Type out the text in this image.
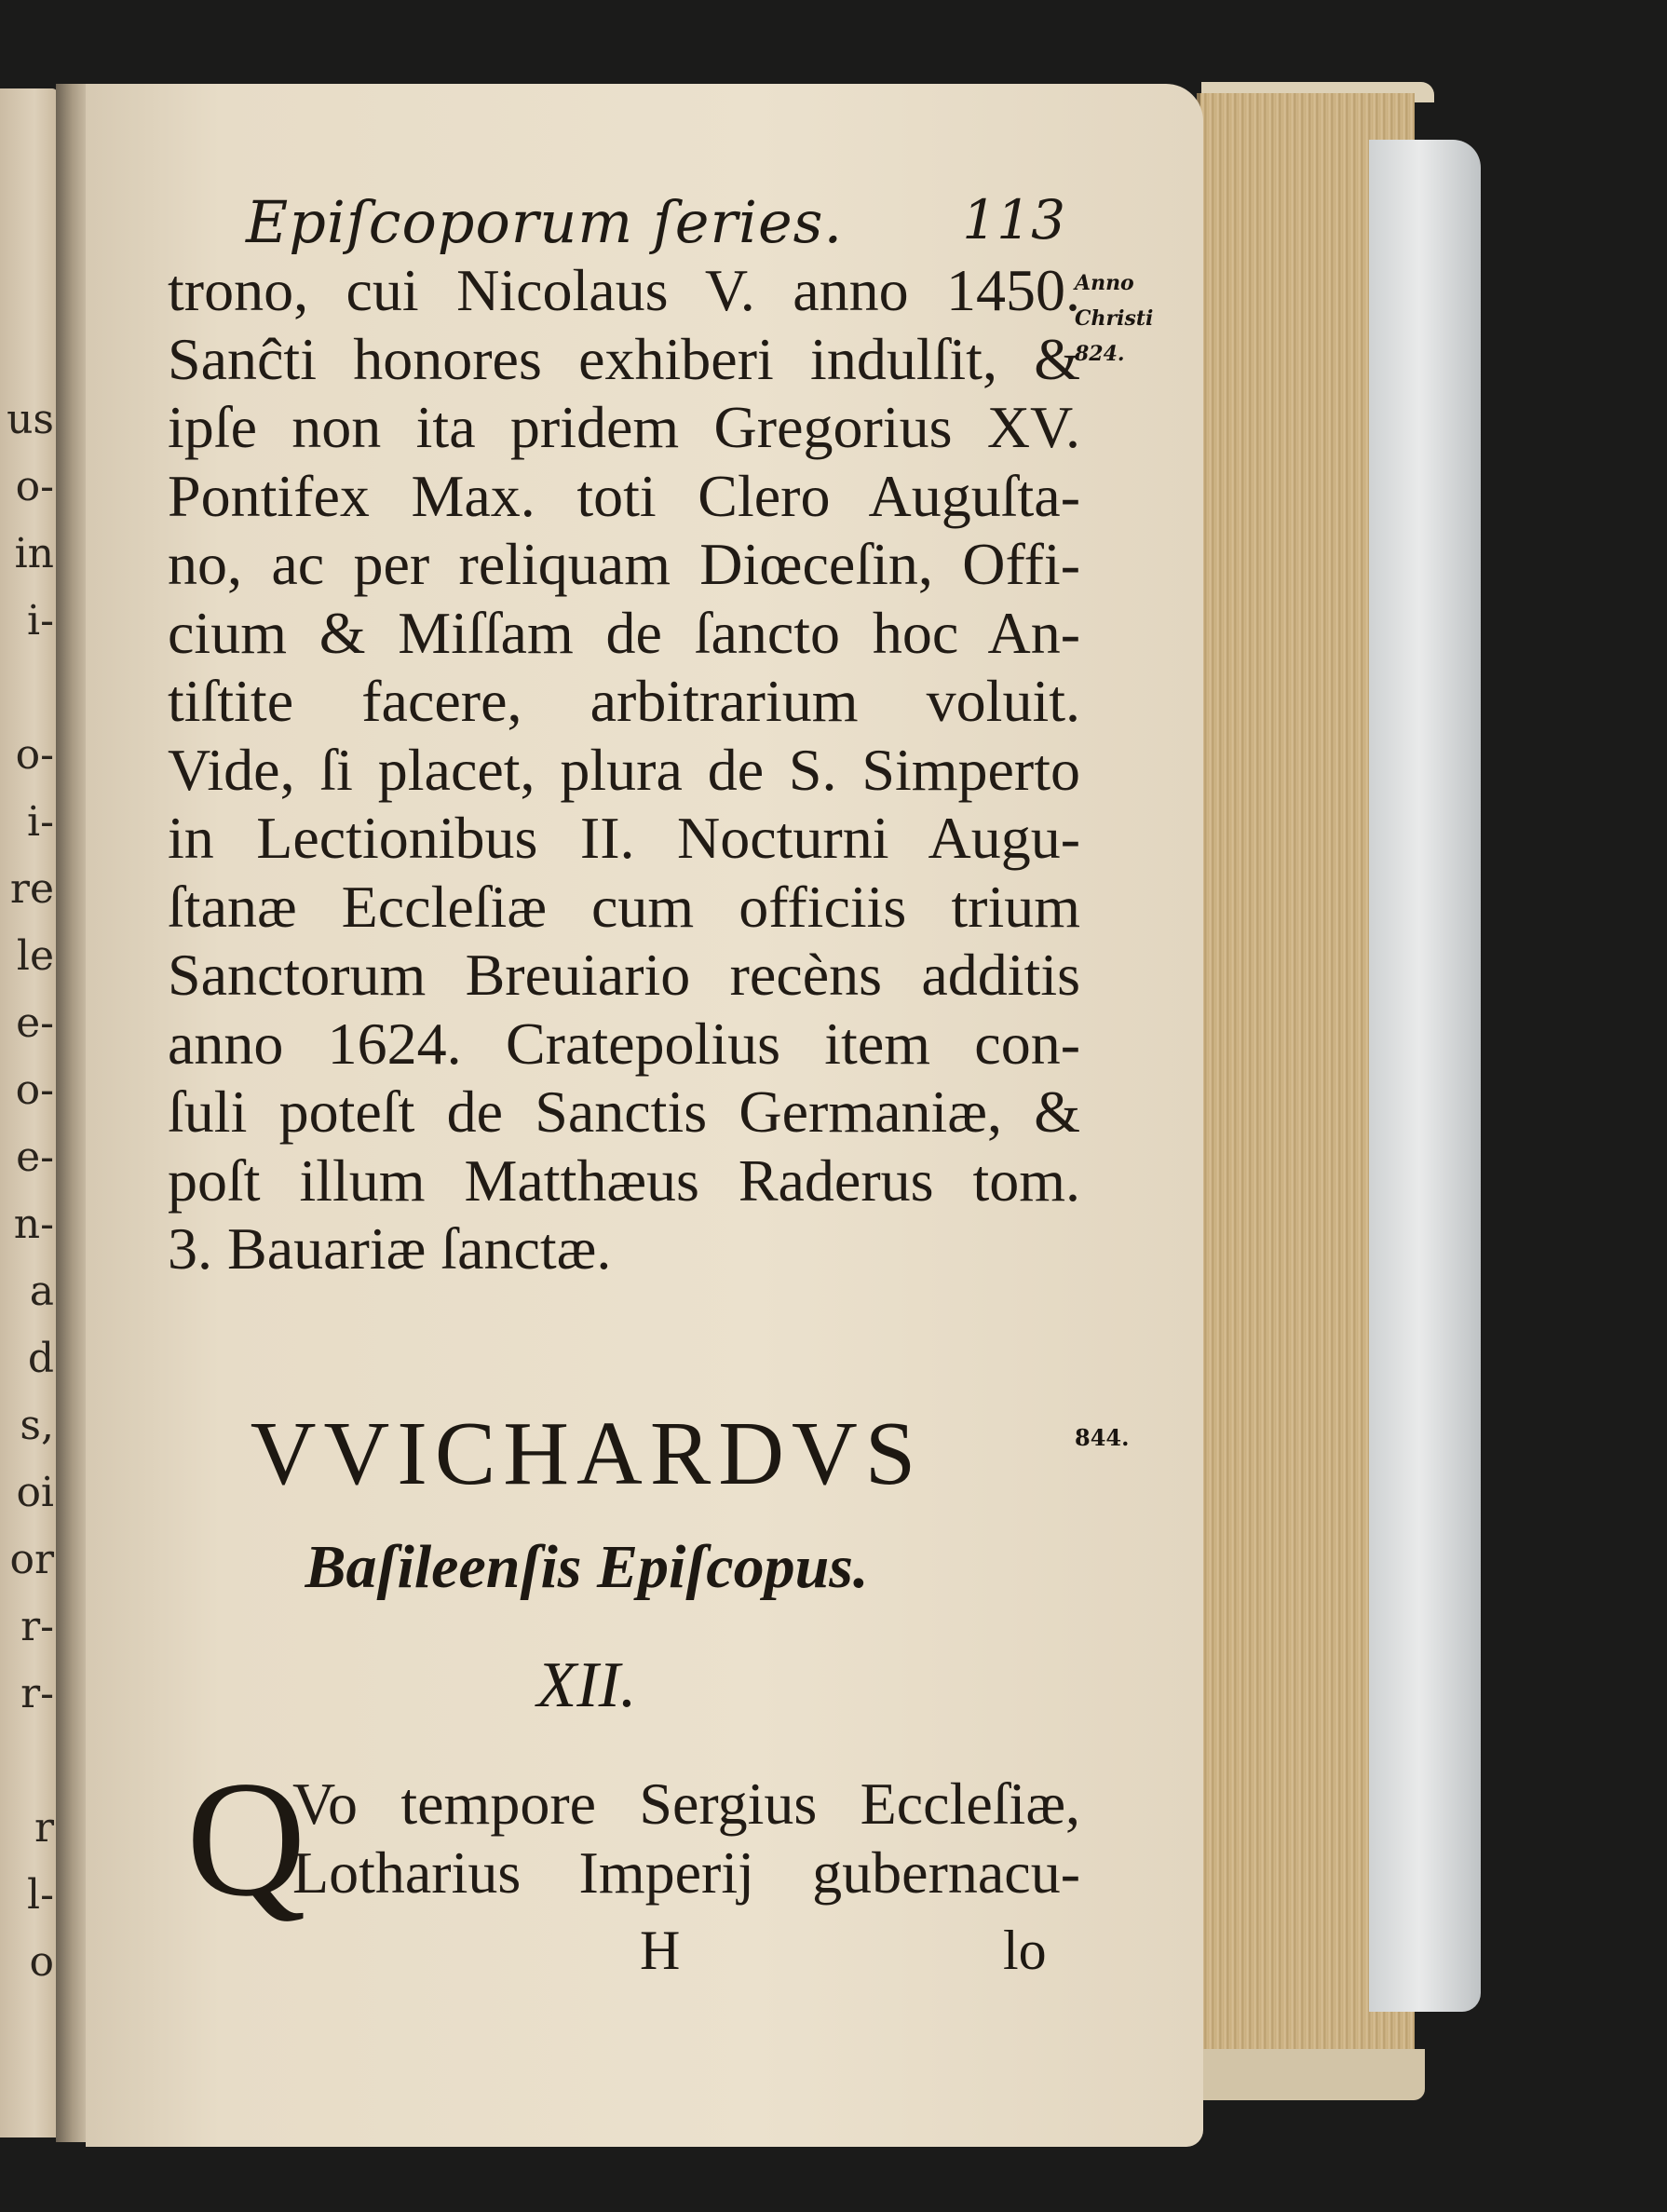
us
o-
in
i-
o-
i-
re
le
e-
o-
e-
n-
a
d
s,
oi
or
r-
r-
r
l-
o
Epiſcoporum ſeries. 113
trono, cui Nicolaus V. anno 1450.
Sanĉti honores exhiberi indulſit, &
ipſe non ita pridem Gregorius XV.
Pontifex Max. toti Clero Auguſta-
no, ac per reliquam Diœceſin, Offi-
cium & Miſſam de ſancto hoc An-
tiſtite facere, arbitrarium voluit.
Vide, ſi placet, plura de S. Simperto
in Lectionibus II. Nocturni Augu-
ſtanæ Eccleſiæ cum officiis trium
Sanctorum Breuiario recèns additis
anno 1624. Cratepolius item con-
ſuli poteſt de Sanctis Germaniæ, &
poſt illum Matthæus Raderus tom.
3. Bauariæ ſanctæ.
Anno
Christi
824.
844.
VVICHARDVS
Baſileenſis Epiſcopus.
XII.
Q
Vo tempore Sergius Eccleſiæ,
Lotharius Imperij gubernacu-
H	lo
